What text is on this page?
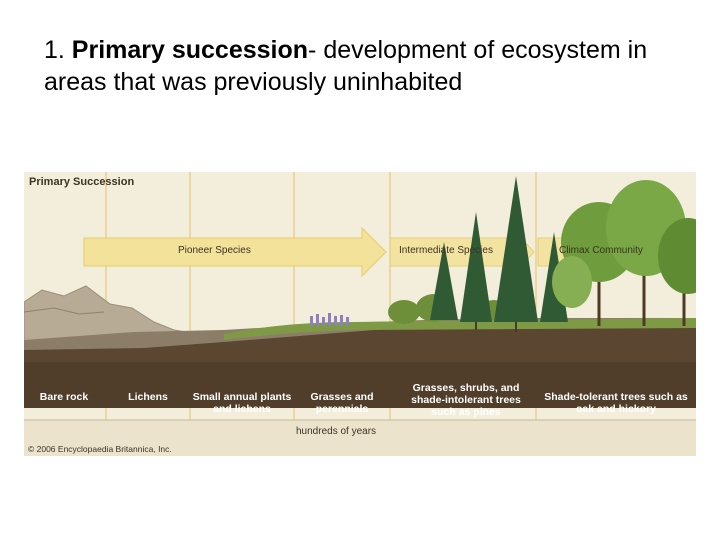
1. Primary succession- development of ecosystem in areas that was previously uninhabited
Primary Succession
Pioneer Species	Intermediate Species	Climax Community
Bare rock	Lichens	Small annual plants and lichens
Grasses and perennials
Grasses, shrubs, and shade-intolerant trees such as pines
Shade-tolerant trees such as oak and hickory
hundreds of years
© 2006 Encyclopaedia Britannica, Inc.
